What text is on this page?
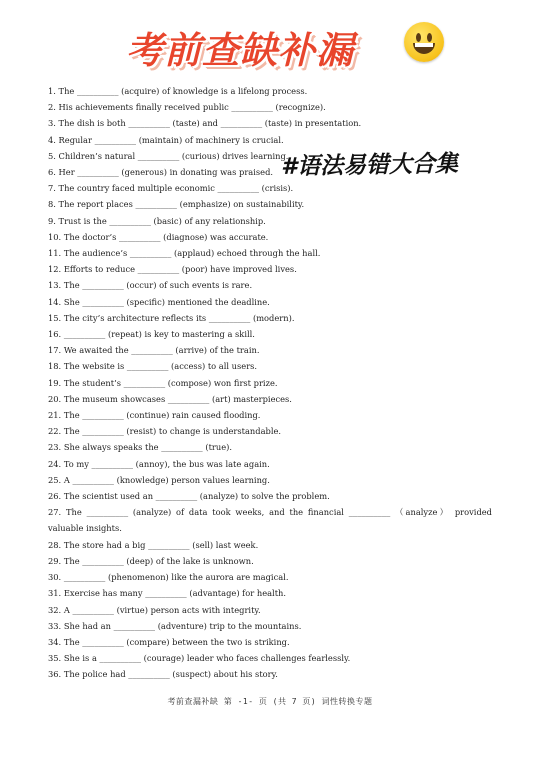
考前查缺补漏
#语法易错大合集
1. The __________ (acquire) of knowledge is a lifelong process.
2. His achievements finally received public __________ (recognize).
3. The dish is both __________ (taste) and __________ (taste) in presentation.
4. Regular __________ (maintain) of machinery is crucial.
5. Children’s natural __________ (curious) drives learning.
6. Her __________ (generous) in donating was praised.
7. The country faced multiple economic __________ (crisis).
8. The report places __________ (emphasize) on sustainability.
9. Trust is the __________ (basic) of any relationship.
10. The doctor’s __________ (diagnose) was accurate.
11. The audience’s __________ (applaud) echoed through the hall.
12. Efforts to reduce __________ (poor) have improved lives.
13. The __________ (occur) of such events is rare.
14. She __________ (specific) mentioned the deadline.
15. The city’s architecture reflects its __________ (modern).
16. __________ (repeat) is key to mastering a skill.
17. We awaited the __________ (arrive) of the train.
18. The website is __________ (access) to all users.
19. The student’s __________ (compose) won first prize.
20. The museum showcases __________ (art) masterpieces.
21. The __________ (continue) rain caused flooding.
22. The __________ (resist) to change is understandable.
23. She always speaks the __________ (true).
24. To my __________ (annoy), the bus was late again.
25. A __________ (knowledge) person values learning.
26. The scientist used an __________ (analyze) to solve the problem.
27. The __________ (analyze) of data took weeks, and the financial __________ （analyze） provided valuable insights.
28. The store had a big __________ (sell) last week.
29. The __________ (deep) of the lake is unknown.
30. __________ (phenomenon) like the aurora are magical.
31. Exercise has many __________ (advantage) for health.
32. A __________ (virtue) person acts with integrity.
33. She had an __________ (adventure) trip to the mountains.
34. The __________ (compare) between the two is striking.
35. She is a __________ (courage) leader who faces challenges fearlessly.
36. The police had __________ (suspect) about his story.
考前查漏补缺 第 -1- 页 (共 7 页) 词性转换专题
